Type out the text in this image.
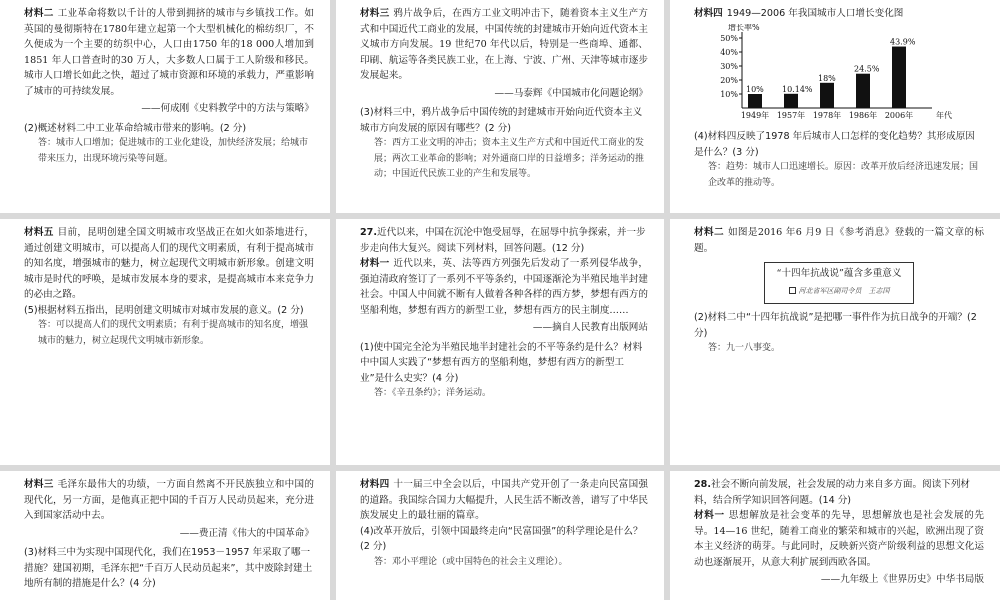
材料二 工业革命将数以千计的人带到拥挤的城市与乡镇找工作。如英国的曼彻斯特在1780年建立起第一个大型机械化的棉纺织厂，不久便成为一个主要的纺织中心，人口由1750 年的18 000人增加到1851 年人口普查时的30 万人，大多数人口属于工人阶级和移民。城市人口增长如此之快，超过了城市资源和环境的承载力，严重影响了城市的可持续发展。

——何成刚《史料教学中的方法与策略》

(2)概述材料二中工业革命给城市带来的影响。(2 分)

答：城市人口增加；促进城市的工业化建设，加快经济发展；给城市带来压力，出现环境污染等问题。

材料三 鸦片战争后，在西方工业文明冲击下，随着资本主义生产方式和中国近代工商业的发展，中国传统的封建城市开始向近代资本主义城市方向发展。19 世纪70 年代以后，特别是一些商埠、通都、印刷、航运等各类民族工业，在上海、宁波、广州、天津等城市逐步发展起来。

——马泰辉《中国城市化问题论纲》

(3)材料三中，鸦片战争后中国传统的封建城市开始向近代资本主义城市方向发展的原因有哪些？(2 分)

答：西方工业文明的冲击；资本主义生产方式和中国近代工商业的发展；两次工业革命的影响；对外通商口岸的日益增多；洋务运动的推动；中国近代民族工业的产生和发展等。

材料四 1949—2006 年我国城市人口增长变化图

增长率%
年代
10%
20%
30%
40%
50%
10%
1949年
10.14%
1957年
18%
1978年
24.5%
1986年
43.9%
2006年

(4)材料四反映了1978 年后城市人口怎样的变化趋势？其形成原因是什么？(3 分)

答：趋势：城市人口迅速增长。原因：改革开放后经济迅速发展；国企改革的推动等。

材料五 目前，昆明创建全国文明城市攻坚战正在如火如荼地进行，通过创建文明城市，可以提高人们的现代文明素质，有利于提高城市的知名度，增强城市的魅力，树立起现代文明城市新形象。创建文明城市是时代的呼唤，是城市发展本身的要求，是提高城市本来竞争力的必由之路。

(5)根据材料五指出，昆明创建文明城市对城市发展的意义。(2 分)

答：可以提高人们的现代文明素质；有利于提高城市的知名度，增强城市的魅力，树立起现代文明城市新形象。

27.近代以来，中国在沉沦中饱受屈辱，在屈辱中抗争探索，并一步步走向伟大复兴。阅读下列材料，回答问题。(12 分)

材料一 近代以来，英、法等西方列强先后发动了一系列侵华战争，强迫清政府签订了一系列不平等条约，中国逐渐沦为半殖民地半封建社会。中国人中间就不断有人做着各种各样的西方梦，梦想有西方的坚船利炮，梦想有西方的新型工业，梦想有西方的民主制度……

——摘自人民教育出版网站

(1)使中国完全沦为半殖民地半封建社会的不平等条约是什么？材料中中国人实践了“梦想有西方的坚船利炮，梦想有西方的新型工业”是什么史实？(4 分)

答：《辛丑条约》；洋务运动。

材料二 如图是2016 年6 月9 日《参考消息》登载的一篇文章的标题。

“十四年抗战说”蕴含多重意义
河北省军区副司令员　王志国

(2)材料二中“十四年抗战说”是把哪一事件作为抗日战争的开端？(2 分)

答：九一八事变。

材料三 毛泽东最伟大的功绩，一方面自然离不开民族独立和中国的现代化，另一方面，是他真正把中国的千百万人民动员起来，充分进入到国家活动中去。

——费正清《伟大的中国革命》

(3)材料三中为实现中国现代化，我们在1953－1957 年采取了哪一措施？建国初期，毛泽东把“千百万人民动员起来”，其中废除封建土地所有制的措施是什么？(4 分)

材料四 十一届三中全会以后，中国共产党开创了一条走向民富国强的道路。我国综合国力大幅提升，人民生活不断改善，谱写了中华民族发展史上的最壮丽的篇章。

(4)改革开放后，引领中国最终走向“民富国强”的科学理论是什么？(2 分)

答：邓小平理论（或中国特色的社会主义理论）。

28.社会不断向前发展，社会发展的动力来自多方面。阅读下列材料，结合所学知识回答问题。(14 分)

材料一 思想解放是社会变革的先导，思想解放也是社会发展的先导。14—16 世纪，随着工商业的繁荣和城市的兴起，欧洲出现了资本主义经济的萌芽。与此同时，反映新兴资产阶级利益的思想文化运动也逐渐展开，从意大利扩展到西欧各国。

——九年级上《世界历史》中华书局版
